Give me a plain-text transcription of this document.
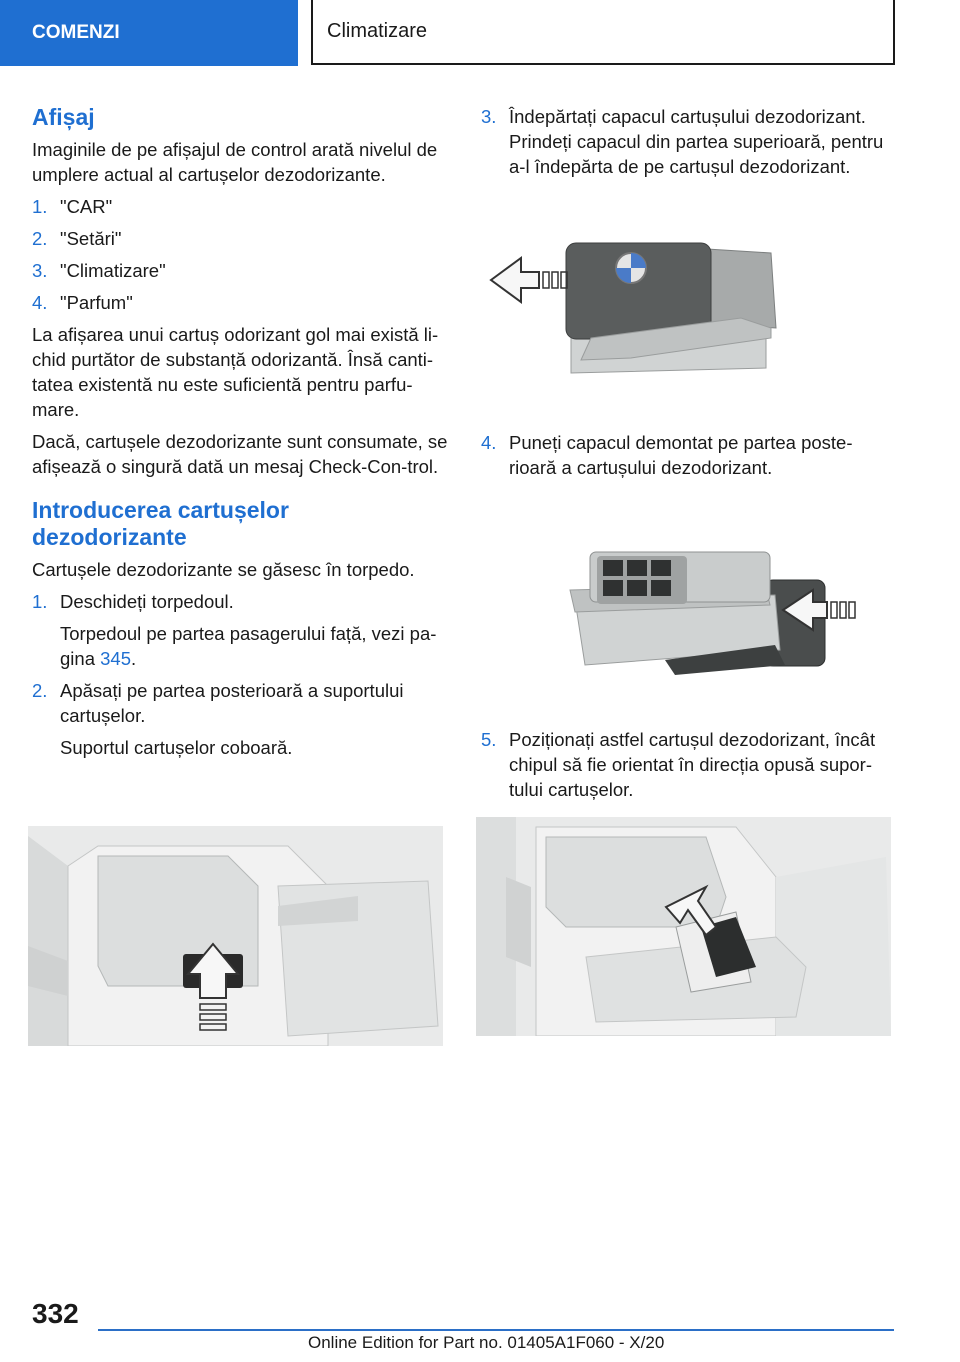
COMENZI	Climatizare
Afișaj

Imaginile de pe afișajul de control arată nivelul de umplere actual al cartușelor dezodorizante.

1. "CAR"
2. "Setări"
3. "Climatizare"
4. "Parfum"

La afișarea unui cartuș odorizant gol mai există li-chid purtător de substanță odorizantă. Însă canti-tatea existentă nu este suficientă pentru parfu-mare.

Dacă, cartușele dezodorizante sunt consumate, se afișează o singură dată un mesaj Check-Con-trol.

Introducerea cartușelor dezodorizante

Cartușele dezodorizante se găsesc în torpedo.

1. Deschideți torpedoul.
Torpedoul pe partea pasagerului față, vezi pa-gina 345.
2. Apăsați pe partea posterioară a suportului cartușelor.
Suportul cartușelor coboară.
3. Îndepărtați capacul cartușului dezodorizant. Prindeți capacul din partea superioară, pentru a-l îndepărta de pe cartușul dezodorizant.
4. Puneți capacul demontat pe partea poste-rioară a cartușului dezodorizant.
5. Poziționați astfel cartușul dezodorizant, încât chipul să fie orientat în direcția opusă supor-tului cartușelor.
332
Online Edition for Part no. 01405A1F060 - X/20
